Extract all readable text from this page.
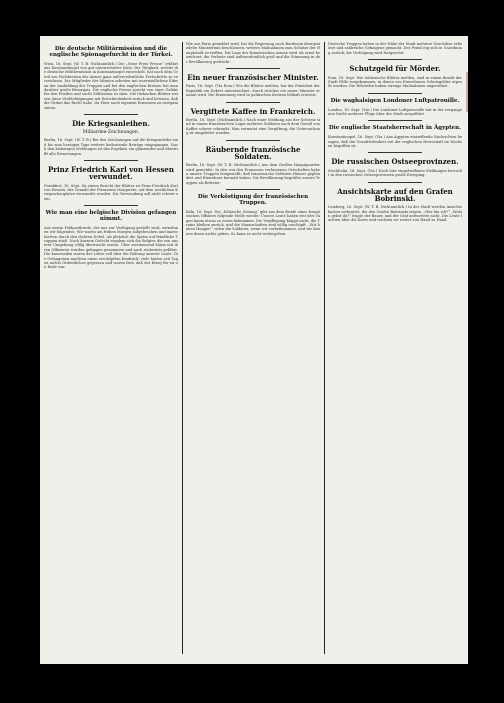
Die deutsche Militärmission und die englische Spionagefurcht in der Türkei.
Wien, 16. Sept. (W. T. B. Nichtamtlich.) Die „Neue Freie Presse“ erfährt aus Konstantinopel von gut unterrichteter Seite: Die Tätigkeit, welche die deutsche Militärmission in Konstantinopel entwickelt, hat nach dem Urteil von Fachkreisen der Armee ganz außerordentliche Fortschritte zu verzeichnen. Die Mitglieder der Mission arbeiten mit unermüdlichem Eifer an der Ausbildung der Truppen und bei den englischen Kreisen hat man darüber große Besorgnis. Die englische Presse spricht von einer Gefahr für den Frieden und sucht Mißtrauen zu säen. Die türkischen Blätter weisen diese Verdächtigungen mit Entschiedenheit zurück und betonen, daß die Türkei das Recht habe, ihr Heer nach eigenem Ermessen zu reorganisieren.
Die Kriegsanleihen.
Milliarden-Zeichnungen.
Berlin, 16. Sept. (W. T. B.) Bei den Zeichnungen auf die Kriegsanleihe sind bis zum heutigen Tage weitere bedeutende Beträge eingegangen. Nach den bisherigen Meldungen ist das Ergebnis ein glänzendes und übertrifft alle Erwartungen.
Prinz Friedrich Karl von Hessen verwundet.
Frankfurt, 16. Sept. Zu einem Bericht der Blätter ist Prinz Friedrich Karl von Hessen, der Gemahl der Prinzessin Margarete, auf dem westlichen Kriegsschauplatze verwundet worden. Die Verwundung soll nicht schwer sein.
Wie man eine belgische Division gefangen nimmt.
Aus einem Feldpostbriefe, der uns zur Verfügung gestellt wird, entnehmen wir folgendes: Wir waren am frühen Morgen aufgebrochen und marschierten durch den dichten Nebel, als plötzlich die Spitze auf feindliche Truppen stieß. Nach kurzem Gefecht ergaben sich die Belgier, die von unserer Umgehung völlig überrascht waren. Über zweitausend Mann mit ihren Offizieren wurden gefangen genommen und nach rückwärts geführt. Die Kameraden waren des Lobes voll über die Haltung unserer Leute. Die Gefangenen machten einen erschöpften Eindruck; viele hatten seit Tagen nichts Ordentliches gegessen und waren froh, daß der Krieg für sie zu Ende war.
Wie aus Paris gemeldet wird, hat die Regierung nach Bordeaux übergesiedelte Ministerium beschlossen, weitere Maßnahmen zum Schutze der Hauptstadt zu treffen. Die Lage der französischen Armee wird als ernst bezeichnet; die Verluste sind außerordentlich groß und die Stimmung in der Bevölkerung gedrückt.
Ein neuer französischer Minister.
Paris, 16. Sept. (Via Rom.) Wie die Blätter melden, hat der Präsident der Republik ein Dekret unterzeichnet, durch welches ein neuer Minister ernannt wird. Die Ernennung wird in politischen Kreisen lebhaft erörtert.
Vergiftete Kaffee in Frankreich.
Berlin, 16. Sept. (Nichtamtlich.) Nach einer Meldung aus der Schweiz sind in einem französischen Lager mehrere Soldaten nach dem Genuß von Kaffee schwer erkrankt. Man vermutet eine Vergiftung; die Untersuchung ist eingeleitet worden.
Räubernde französische Soldaten.
Berlin, 16. Sept. (W. T. B. Nichtamtlich.) Aus dem Großen Hauptquartier wird gemeldet: In den von den Franzosen verlassenen Ortschaften haben unsere Truppen festgestellt, daß französische Soldaten Häuser geplündert und Einwohner beraubt haben. Die Bevölkerung begrüßte unsere Truppen als Befreier.
Die Verköstigung der französischen Truppen.
Köln, 16. Sept. Die „Kölnische Zeitung“ gibt aus dem Briefe eines französischen Offiziers folgende Stelle wieder: Unsere Leute haben seit drei Tagen kaum etwas zu essen bekommen. Die Verpflegung klappt nicht, die Trains bleiben zurück, und die Mannschaften sind völlig erschöpft. „Wir haben Hunger!“ rufen die Soldaten, wenn wir vorbeikommen, und wir können ihnen nichts geben. So kann es nicht weitergehen.
Deutsche Truppen haben in der Nähe der Stadt mehrere Geschütze erbeutet und zahlreiche Gefangene gemacht. Der Feind zog sich in Unordnung zurück; die Verfolgung wird fortgesetzt.
Schutzgeld für Mörder.
Rom, 16. Sept. Wie italienische Blätter melden, sind in einem Bezirk der Stadt Fälle vorgekommen, in denen von Einwohnern Schutzgelder erpreßt wurden. Die Behörden haben strenge Maßnahmen angeordnet.
Die waghalsigen Londoner Luftpatrouille.
London, 16. Sept. (Via.) Die Londoner Luftpatrouille hat in der vergangenen Nacht mehrere Flüge über der Stadt ausgeführt.
Die englische Staatsherrschaft in Ägypten.
Konstantinopel, 16. Sept. (Via.) Aus Ägypten eintreffende Nachrichten besagen, daß die Unzufriedenheit mit der englischen Herrschaft im Wachsen begriffen ist.
Die russischen Ostseeprovinzen.
Stockholm, 16. Sept. (Via.) Nach hier eingetroffenen Meldungen herrscht in den russischen Ostseeprovinzen große Erregung.
Ansichtskarte auf den Grafen Bobrinski.
Lemberg, 16. Sept. (W. T. B. Nichtamtlich.) In der Stadt werden Ansichtskarten verbreitet, die den Grafen Bobrinski zeigen. „Wer bin ich?“ „Wohin gehst du?“ fragte der Bauer, und der Graf antwortete nicht. Die Leute lachten über die Karte und reichten sie weiter von Hand zu Hand.
